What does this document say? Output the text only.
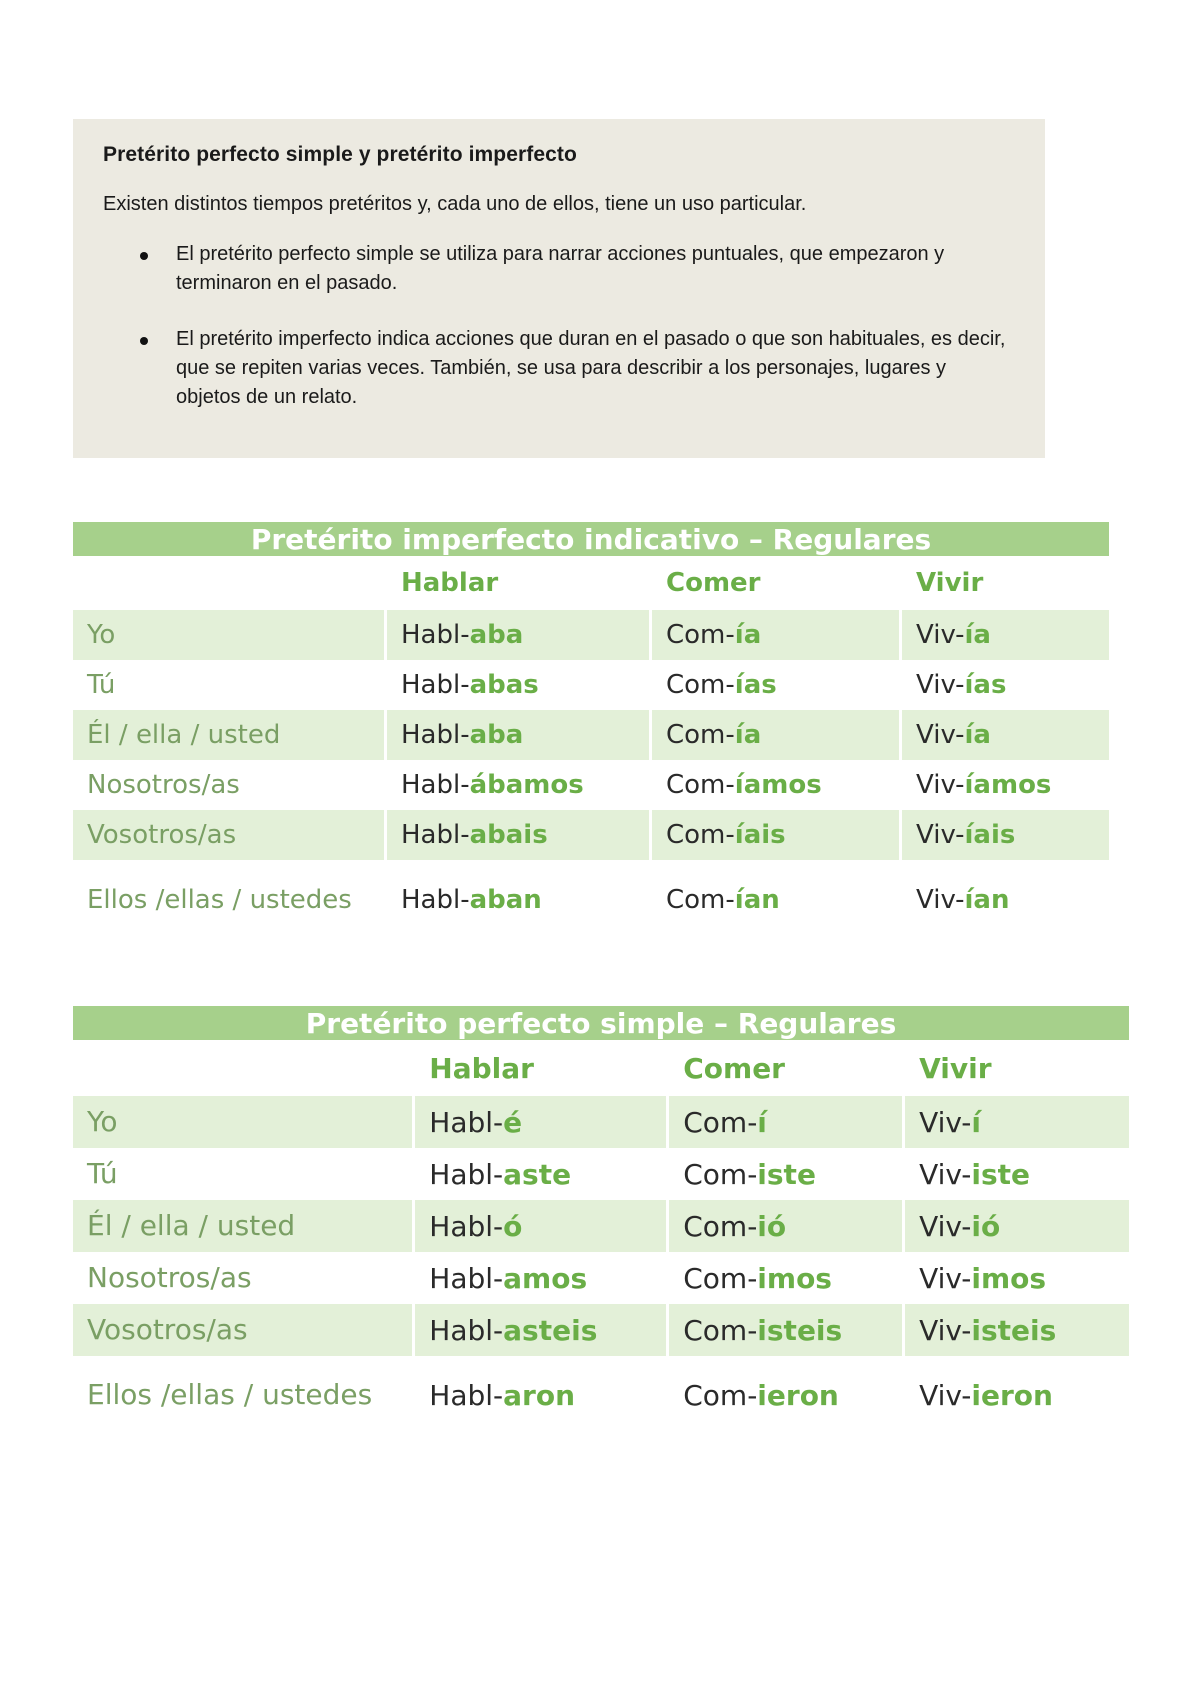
Pretérito perfecto simple y pretérito imperfecto
Existen distintos tiempos pretéritos y, cada uno de ellos, tiene un uso particular.
El pretérito perfecto simple se utiliza para narrar acciones puntuales, que empezaron y terminaron en el pasado.
El pretérito imperfecto indica acciones que duran en el pasado o que son habituales, es decir, que se repiten varias veces. También, se usa para describir a los personajes, lugares y objetos de un relato.
Pretérito imperfecto indicativo – Regulares			
	Hablar	Comer	Vivir
Yo	Habl-aba	Com-ía	Viv-ía
Tú	Habl-abas	Com-ías	Viv-ías
Él / ella / usted	Habl-aba	Com-ía	Viv-ía
Nosotros/as	Habl-ábamos	Com-íamos	Viv-íamos
Vosotros/as	Habl-abais	Com-íais	Viv-íais
Ellos /ellas / ustedes	Habl-aban	Com-ían	Viv-ían
Pretérito perfecto simple – Regulares			
	Hablar	Comer	Vivir
Yo	Habl-é	Com-í	Viv-í
Tú	Habl-aste	Com-iste	Viv-iste
Él / ella / usted	Habl-ó	Com-ió	Viv-ió
Nosotros/as	Habl-amos	Com-imos	Viv-imos
Vosotros/as	Habl-asteis	Com-isteis	Viv-isteis
Ellos /ellas / ustedes	Habl-aron	Com-ieron	Viv-ieron
